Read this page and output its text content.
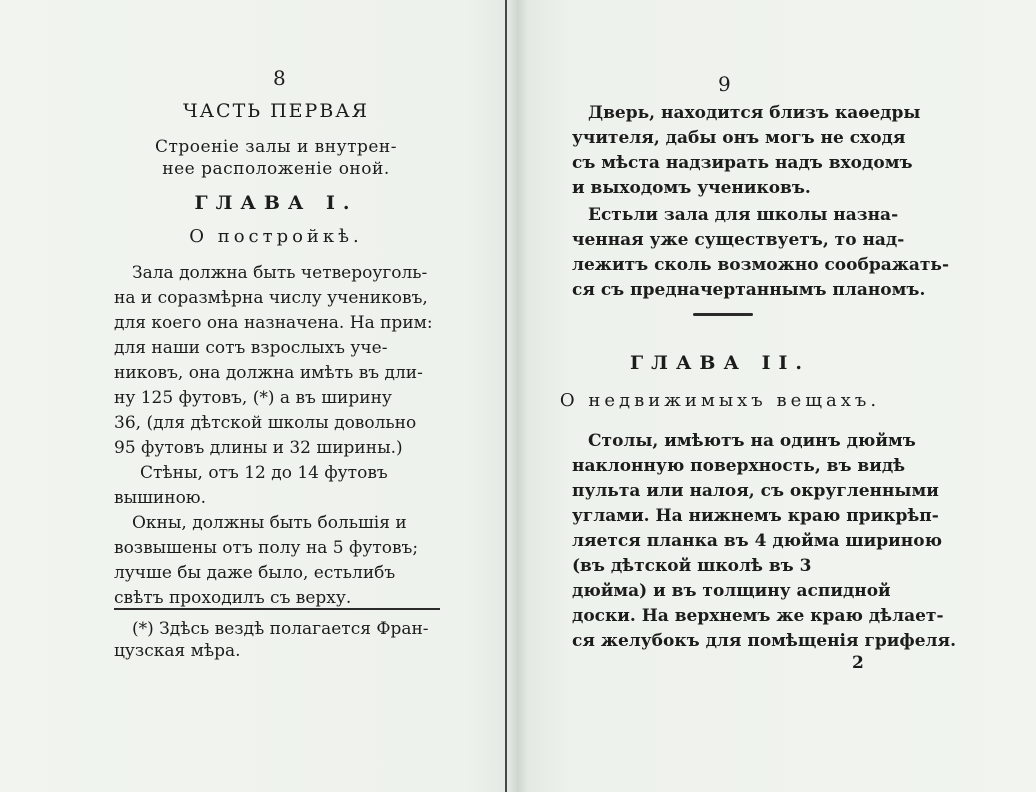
8
ЧАСТЬ ПЕРВАЯ
Строеніе залы и внутрен-
нее расположеніе оной.
ГЛАВА I.
О постройкѣ.
Зала должна быть четвероуголь-
на и соразмѣрна числу учениковъ,
для коего она назначена. На прим:
для наши сотъ взрослыхъ уче-
никовъ, она должна имѣть въ дли-
ну 125 футовъ, (*) а въ ширину
36, (для дѣтской школы довольно
95 футовъ длины и 32 ширины.)
Стѣны, отъ 12 до 14 футовъ
вышиною.
Окны, должны быть большія и
возвышены отъ полу на 5 футовъ;
лучше бы даже было, естьлибъ
свѣтъ проходилъ съ верху.
(*) Здѣсь вездѣ полагается Фран-
цузская мѣра.
9
Дверь, находится близъ каѳедры
учителя, дабы онъ могъ не сходя
съ мѣста надзирать надъ входомъ
и выходомъ учениковъ.
Естьли зала для школы назна-
ченная уже существуетъ, то над-
лежитъ сколь возможно соображать-
ся съ предначертаннымъ планомъ.
ГЛАВА II.
О недвижимыхъ вещахъ.
Столы, имѣютъ на одинъ дюймъ
наклонную поверхность, въ видѣ
пульта или налоя, съ округленными
углами. На нижнемъ краю прикрѣп-
ляется планка въ 4 дюйма шириною
(въ дѣтской школѣ въ 3
дюйма) и въ толщину аспидной
доски. На верхнемъ же краю дѣлает-
ся желубокъ для помѣщенія грифеля.
2
